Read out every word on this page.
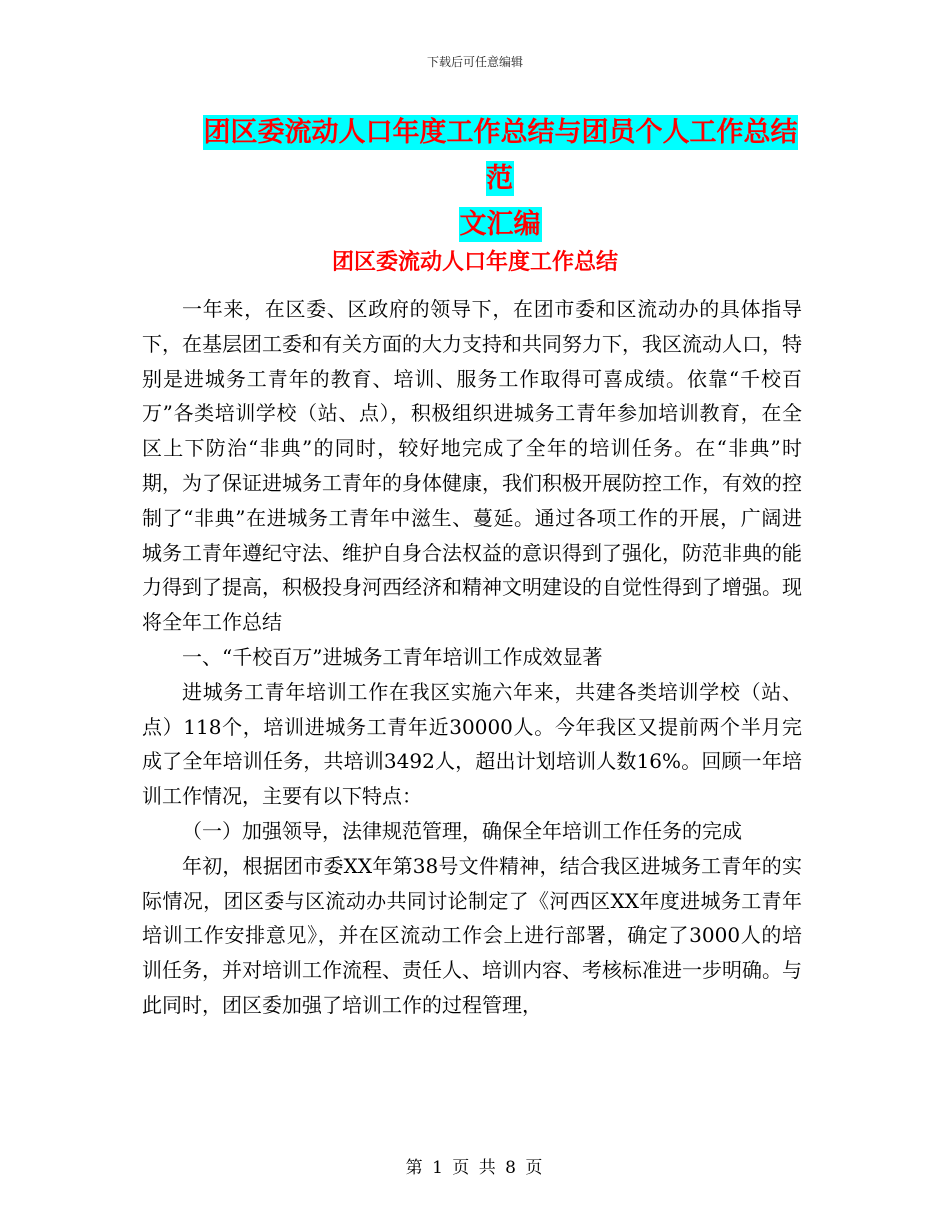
下载后可任意编辑
团区委流动人口年度工作总结与团员个人工作总结范
文汇编
团区委流动人口年度工作总结

一年来，在区委、区政府的领导下，在团市委和区流动办的具体指导下，在基层团工委和有关方面的大力支持和共同努力下，我区流动人口，特别是进城务工青年的教育、培训、服务工作取得可喜成绩。依靠“千校百万”各类培训学校（站、点），积极组织进城务工青年参加培训教育，在全区上下防治“非典”的同时，较好地完成了全年的培训任务。在“非典”时期，为了保证进城务工青年的身体健康，我们积极开展防控工作，有效的控制了“非典”在进城务工青年中滋生、蔓延。通过各项工作的开展，广阔进城务工青年遵纪守法、维护自身合法权益的意识得到了强化，防范非典的能力得到了提高，积极投身河西经济和精神文明建设的自觉性得到了增强。现将全年工作总结

一、“千校百万”进城务工青年培训工作成效显著

进城务工青年培训工作在我区实施六年来，共建各类培训学校（站、点）118个，培训进城务工青年近30000人。今年我区又提前两个半月完成了全年培训任务，共培训3492人，超出计划培训人数16%。回顾一年培训工作情况，主要有以下特点：

（一）加强领导，法律规范管理，确保全年培训工作任务的完成

年初，根据团市委XX年第38号文件精神，结合我区进城务工青年的实际情况，团区委与区流动办共同讨论制定了《河西区XX年度进城务工青年培训工作安排意见》，并在区流动工作会上进行部署，确定了3000人的培训任务，并对培训工作流程、责任人、培训内容、考核标准进一步明确。与此同时，团区委加强了培训工作的过程管理，

第 1 页 共 8 页
